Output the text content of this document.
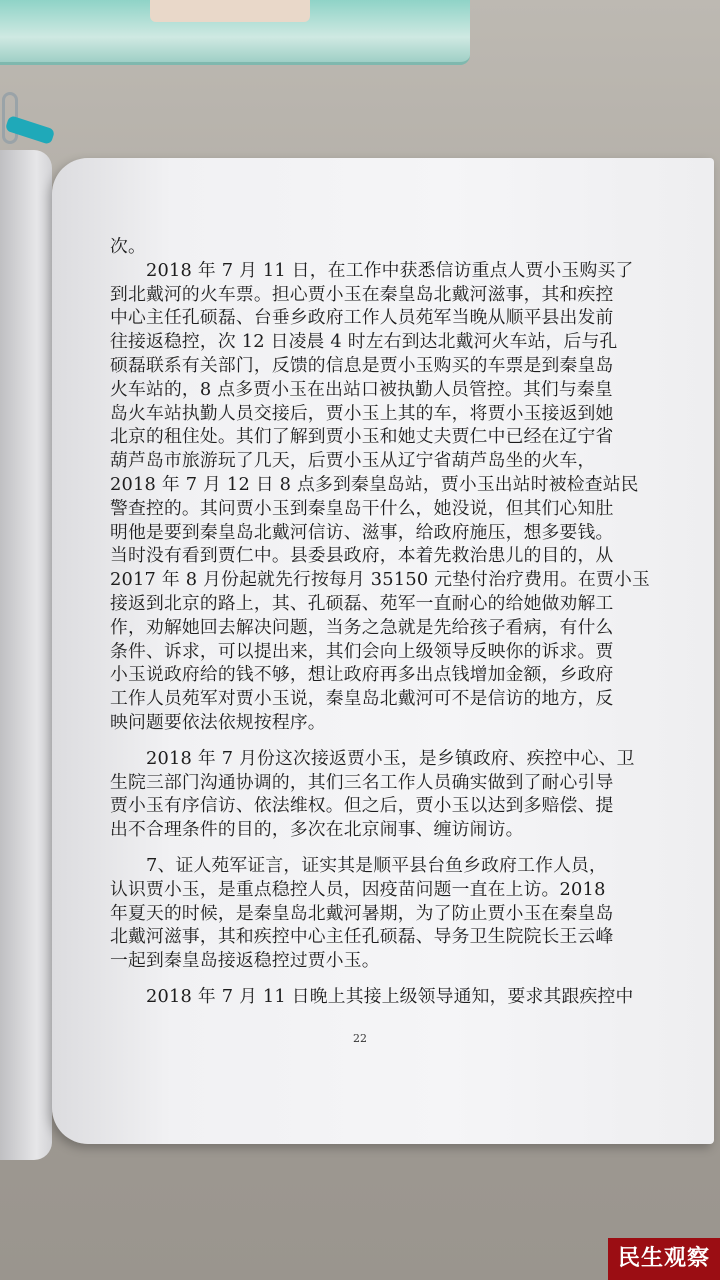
次。

　　2018 年 7 月 11 日，在工作中获悉信访重点人贾小玉购买了

到北戴河的火车票。担心贾小玉在秦皇岛北戴河滋事，其和疾控

中心主任孔硕磊、台垂乡政府工作人员苑军当晚从顺平县出发前

往接返稳控，次 12 日凌晨 4 时左右到达北戴河火车站，后与孔

硕磊联系有关部门，反馈的信息是贾小玉购买的车票是到秦皇岛

火车站的，8 点多贾小玉在出站口被执勤人员管控。其们与秦皇

岛火车站执勤人员交接后，贾小玉上其的车，将贾小玉接返到她

北京的租住处。其们了解到贾小玉和她丈夫贾仁中已经在辽宁省

葫芦岛市旅游玩了几天，后贾小玉从辽宁省葫芦岛坐的火车，

2018 年 7 月 12 日 8 点多到秦皇岛站，贾小玉出站时被检查站民

警查控的。其问贾小玉到秦皇岛干什么，她没说，但其们心知肚

明他是要到秦皇岛北戴河信访、滋事，给政府施压，想多要钱。

当时没有看到贾仁中。县委县政府，本着先救治患儿的目的，从

2017 年 8 月份起就先行按每月 35150 元垫付治疗费用。在贾小玉

接返到北京的路上，其、孔硕磊、苑军一直耐心的给她做劝解工

作，劝解她回去解决问题，当务之急就是先给孩子看病，有什么

条件、诉求，可以提出来，其们会向上级领导反映你的诉求。贾

小玉说政府给的钱不够，想让政府再多出点钱增加金额，乡政府

工作人员苑军对贾小玉说，秦皇岛北戴河可不是信访的地方，反

映问题要依法依规按程序。

　　2018 年 7 月份这次接返贾小玉，是乡镇政府、疾控中心、卫

生院三部门沟通协调的，其们三名工作人员确实做到了耐心引导

贾小玉有序信访、依法维权。但之后，贾小玉以达到多赔偿、提

出不合理条件的目的，多次在北京闹事、缠访闹访。

　　7、证人苑军证言，证实其是顺平县台鱼乡政府工作人员，

认识贾小玉，是重点稳控人员，因疫苗问题一直在上访。2018

年夏天的时候，是秦皇岛北戴河暑期，为了防止贾小玉在秦皇岛

北戴河滋事，其和疾控中心主任孔硕磊、导务卫生院院长王云峰

一起到秦皇岛接返稳控过贾小玉。

　　2018 年 7 月 11 日晚上其接上级领导通知，要求其跟疾控中

22
民生观察
